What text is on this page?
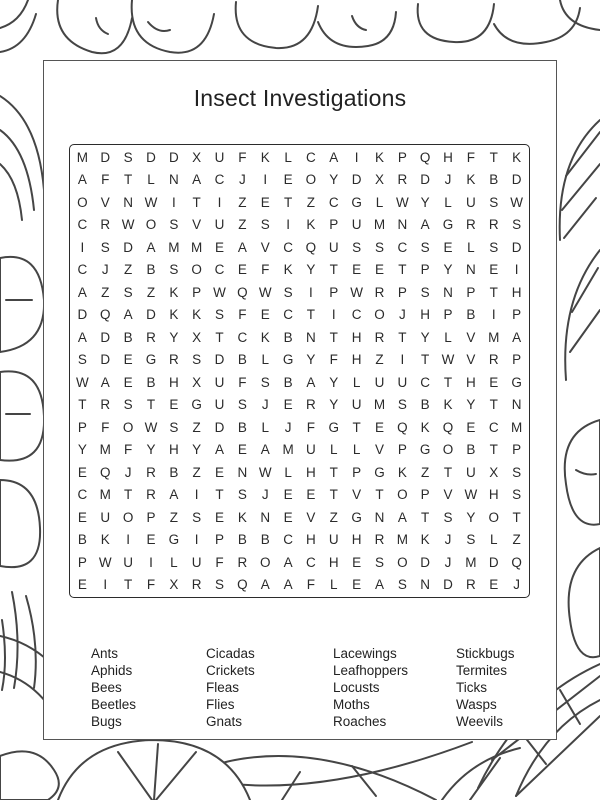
Insect Investigations
M D S D D X U	F	K	L	C A	I	K	P Q H	F	T	K
A	F	T	L	N A C	J	I	E O Y D X R D	J	K	B D
O V N W	I	T	I	Z	E	T	Z	C G	L W Y	L	U S W
C R W O S	V U	Z	S	I	K	P U M N A G R R S
I	S D A M M E	A	V C Q U S	S C S	E	L	S D
C	J	Z	B	S O C E	F	K	Y	T	E	E	T	P	Y N E	I
A	Z	S	Z	K	P W Q W S	I	P W R P	S N P	T	H
D Q A D K	K	S	F	E C	T	I	C O	J	H P	B	I	P
A D B R Y	X	T	C K	B N	T	H R	T	Y	L	V M A
S D E G R S D B	L	G Y	F	H	Z	I	T W V R P
W A	E	B H X U	F	S	B	A	Y	L	U U C	T	H E G
T	R S	T	E G U S	J	E R Y U M S	B	K	Y	T	N
P	F O W S	Z	D B	L	J	F G T	E Q K Q E C M
Y M F	Y H Y	A	E	A M U	L	L	V	P G O B	T	P
E Q	J	R B	Z	E N W L	H	T	P G K	Z	T	U X	S
C M T	R A	I	T	S	J	E	E	T	V	T O P	V W H S
E U O P	Z	S	E	K N E	V	Z G N A	T	S	Y O T
B	K	I	E G	I	P	B	B C H U H R M K	J	S	L	Z
P W U	I	L	U	F	R O A C H E	S O D	J	M D Q
E	I	T	F	X R S Q A	A	F	L	E	A	S N D R E	J
Ants
Aphids
Bees
Beetles
Bugs
Cicadas
Crickets
Fleas
Flies
Gnats
Lacewings
Leafhoppers
Locusts
Moths
Roaches
Stickbugs
Termites
Ticks
Wasps
Weevils
